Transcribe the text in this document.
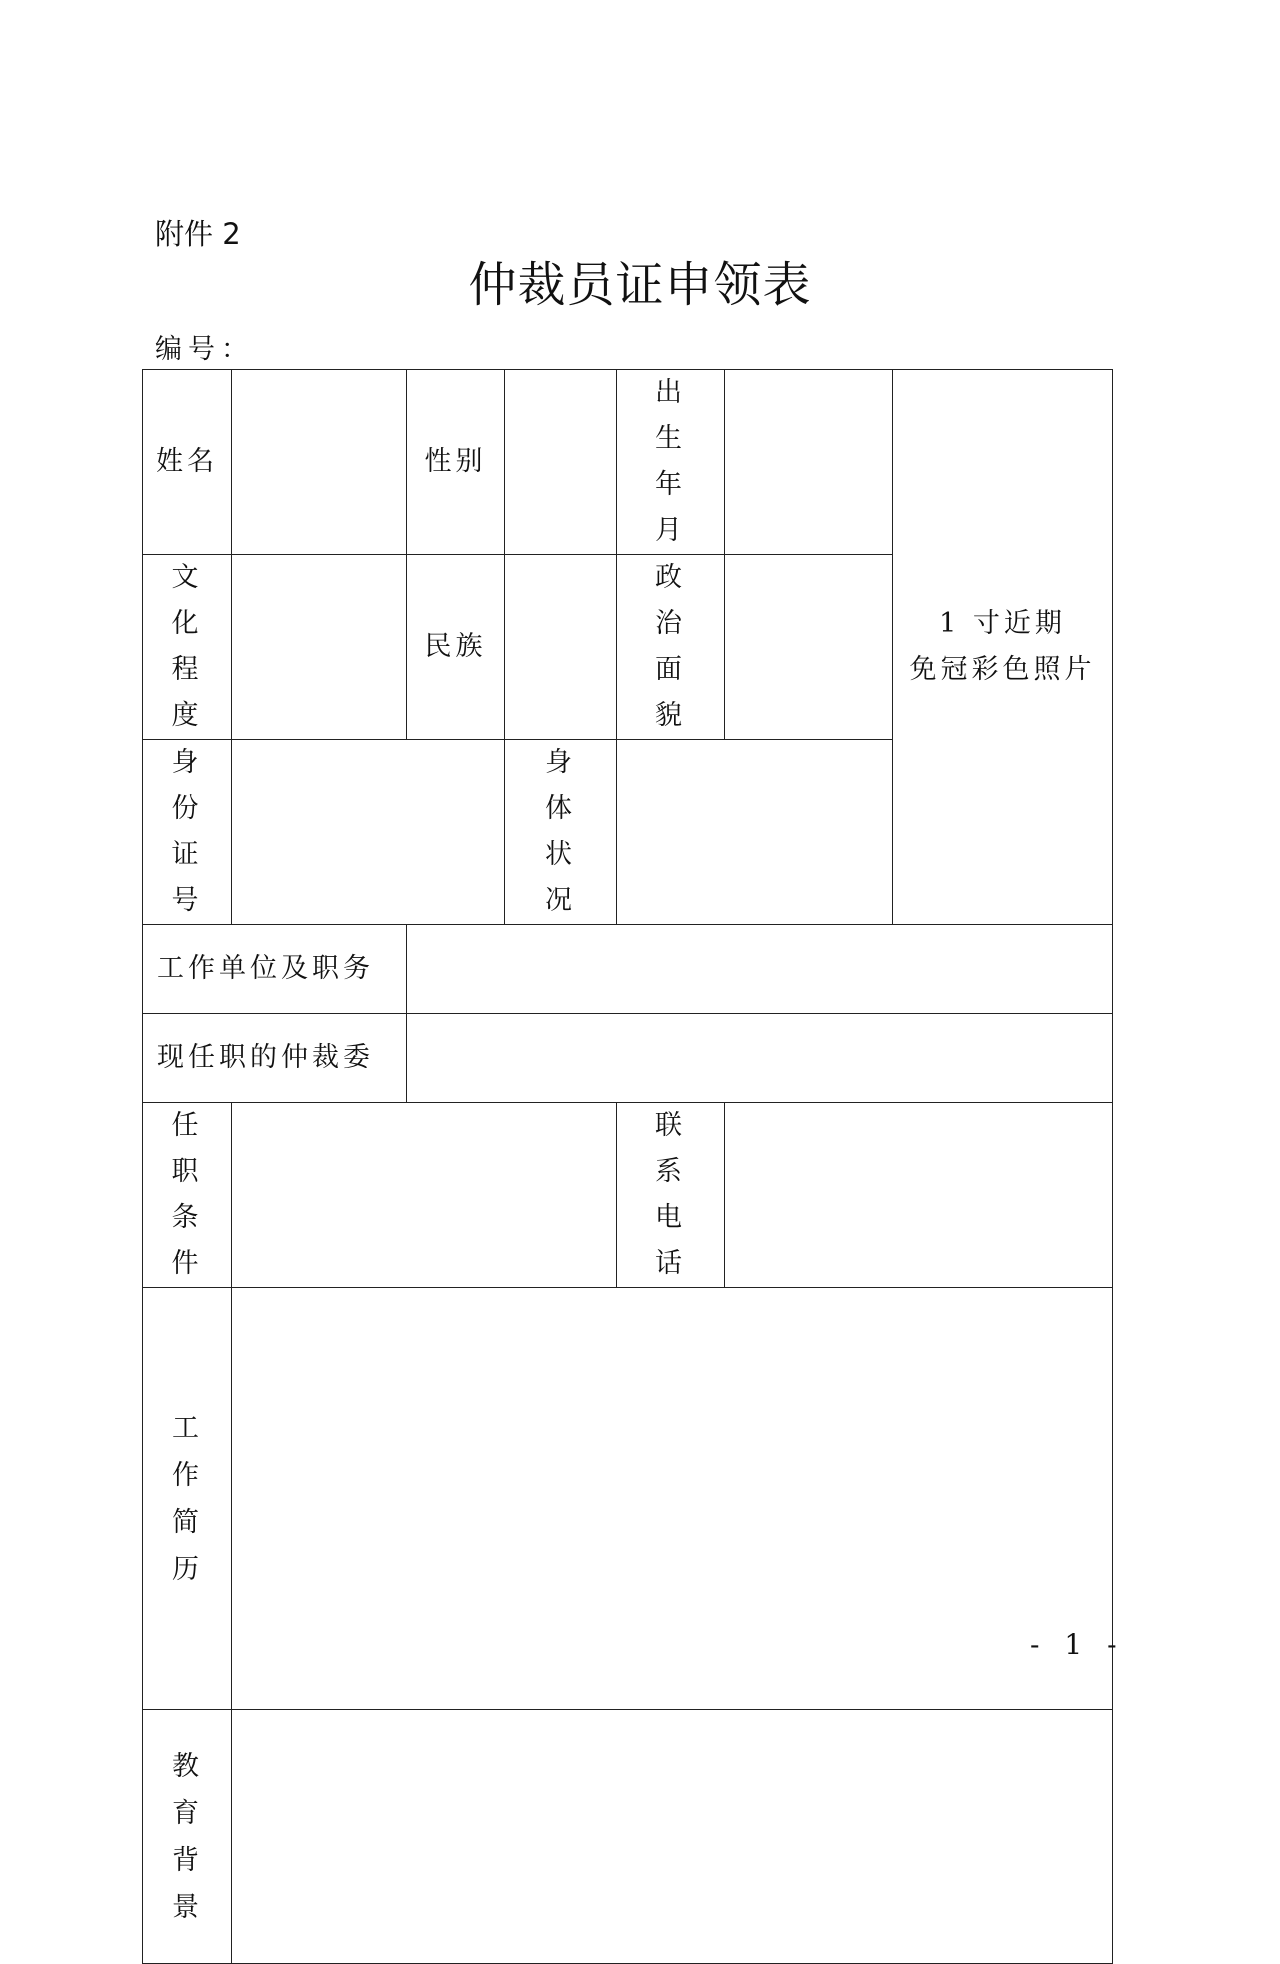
附件 2
仲裁员证申领表
编号：
姓名		性别		出生年月		1 寸近期
免冠彩色照片

文化程度		民族		政治面貌		
身份证号			身体状况			
工作单位及职务						
现任职的仲裁委						
任职条件				联系电话		
工作简历						
教育背景						
- 1 -
